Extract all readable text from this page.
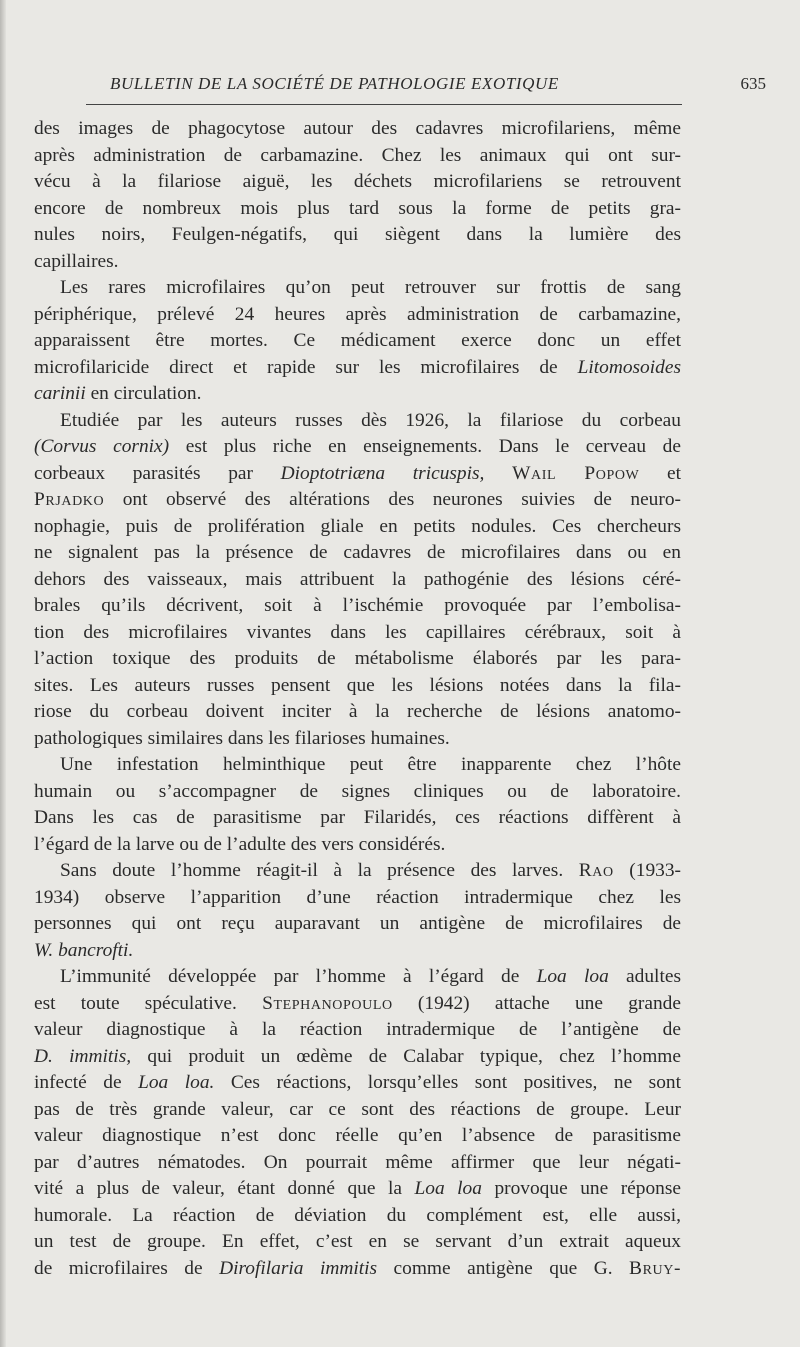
BULLETIN DE LA SOCIÉTÉ DE PATHOLOGIE EXOTIQUE	635
des images de phagocytose autour des cadavres microfilariens, même
après administration de carbamazine. Chez les animaux qui ont sur-
vécu à la filariose aiguë, les déchets microfilariens se retrouvent
encore de nombreux mois plus tard sous la forme de petits gra-
nules noirs, Feulgen-négatifs, qui siègent dans la lumière des
capillaires.
Les rares microfilaires qu’on peut retrouver sur frottis de sang
périphérique, prélevé 24 heures après administration de carbamazine,
apparaissent être mortes. Ce médicament exerce donc un effet
microfilaricide direct et rapide sur les microfilaires de Litomosoides
carinii en circulation.
Etudiée par les auteurs russes dès 1926, la filariose du corbeau
(Corvus cornix) est plus riche en enseignements. Dans le cerveau de
corbeaux parasités par Dioptotriæna tricuspis, Wail Popow et
Prjadko ont observé des altérations des neurones suivies de neuro-
nophagie, puis de prolifération gliale en petits nodules. Ces chercheurs
ne signalent pas la présence de cadavres de microfilaires dans ou en
dehors des vaisseaux, mais attribuent la pathogénie des lésions céré-
brales qu’ils décrivent, soit à l’ischémie provoquée par l’embolisa-
tion des microfilaires vivantes dans les capillaires cérébraux, soit à
l’action toxique des produits de métabolisme élaborés par les para-
sites. Les auteurs russes pensent que les lésions notées dans la fila-
riose du corbeau doivent inciter à la recherche de lésions anatomo-
pathologiques similaires dans les filarioses humaines.
Une infestation helminthique peut être inapparente chez l’hôte
humain ou s’accompagner de signes cliniques ou de laboratoire.
Dans les cas de parasitisme par Filaridés, ces réactions diffèrent à
l’égard de la larve ou de l’adulte des vers considérés.
Sans doute l’homme réagit-il à la présence des larves. Rao (1933-
1934) observe l’apparition d’une réaction intradermique chez les
personnes qui ont reçu auparavant un antigène de microfilaires de
W. bancrofti.
L’immunité développée par l’homme à l’égard de Loa loa adultes
est toute spéculative. Stephanopoulo (1942) attache une grande
valeur diagnostique à la réaction intradermique de l’antigène de
D. immitis, qui produit un œdème de Calabar typique, chez l’homme
infecté de Loa loa. Ces réactions, lorsqu’elles sont positives, ne sont
pas de très grande valeur, car ce sont des réactions de groupe. Leur
valeur diagnostique n’est donc réelle qu’en l’absence de parasitisme
par d’autres nématodes. On pourrait même affirmer que leur négati-
vité a plus de valeur, étant donné que la Loa loa provoque une réponse
humorale. La réaction de déviation du complément est, elle aussi,
un test de groupe. En effet, c’est en se servant d’un extrait aqueux
de microfilaires de Dirofilaria immitis comme antigène que G. Bruy-
